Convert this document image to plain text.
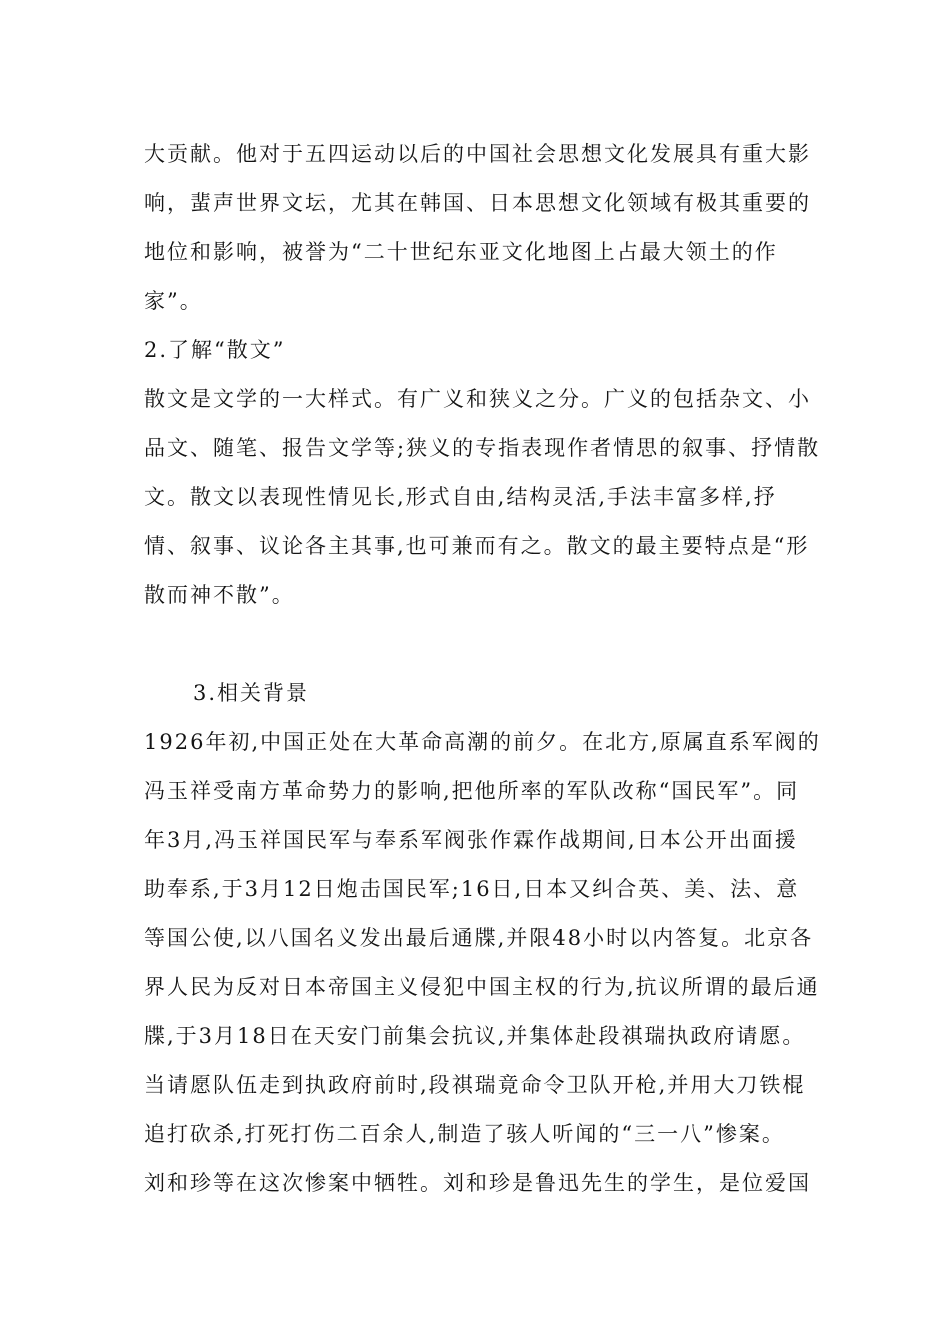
大贡献。他对于五四运动以后的中国社会思想文化发展具有重大影
响，蜚声世界文坛，尤其在韩国、日本思想文化领域有极其重要的
地位和影响，被誉为“二十世纪东亚文化地图上占最大领土的作
家”。
2.了解“散文”
散文是文学的一大样式。有广义和狭义之分。广义的包括杂文、小
品文、随笔、报告文学等;狭义的专指表现作者情思的叙事、抒情散
文。散文以表现性情见长,形式自由,结构灵活,手法丰富多样,抒
情、叙事、议论各主其事,也可兼而有之。散文的最主要特点是“形
散而神不散”。
3.相关背景
1926年初,中国正处在大革命高潮的前夕。在北方,原属直系军阀的
冯玉祥受南方革命势力的影响,把他所率的军队改称“国民军”。同
年3月,冯玉祥国民军与奉系军阀张作霖作战期间,日本公开出面援
助奉系,于3月12日炮击国民军;16日,日本又纠合英、美、法、意
等国公使,以八国名义发出最后通牒,并限48小时以内答复。北京各
界人民为反对日本帝国主义侵犯中国主权的行为,抗议所谓的最后通
牒,于3月18日在天安门前集会抗议,并集体赴段祺瑞执政府请愿。
当请愿队伍走到执政府前时,段祺瑞竟命令卫队开枪,并用大刀铁棍
追打砍杀,打死打伤二百余人,制造了骇人听闻的“三一八”惨案。
刘和珍等在这次惨案中牺牲。刘和珍是鲁迅先生的学生，是位爱国
